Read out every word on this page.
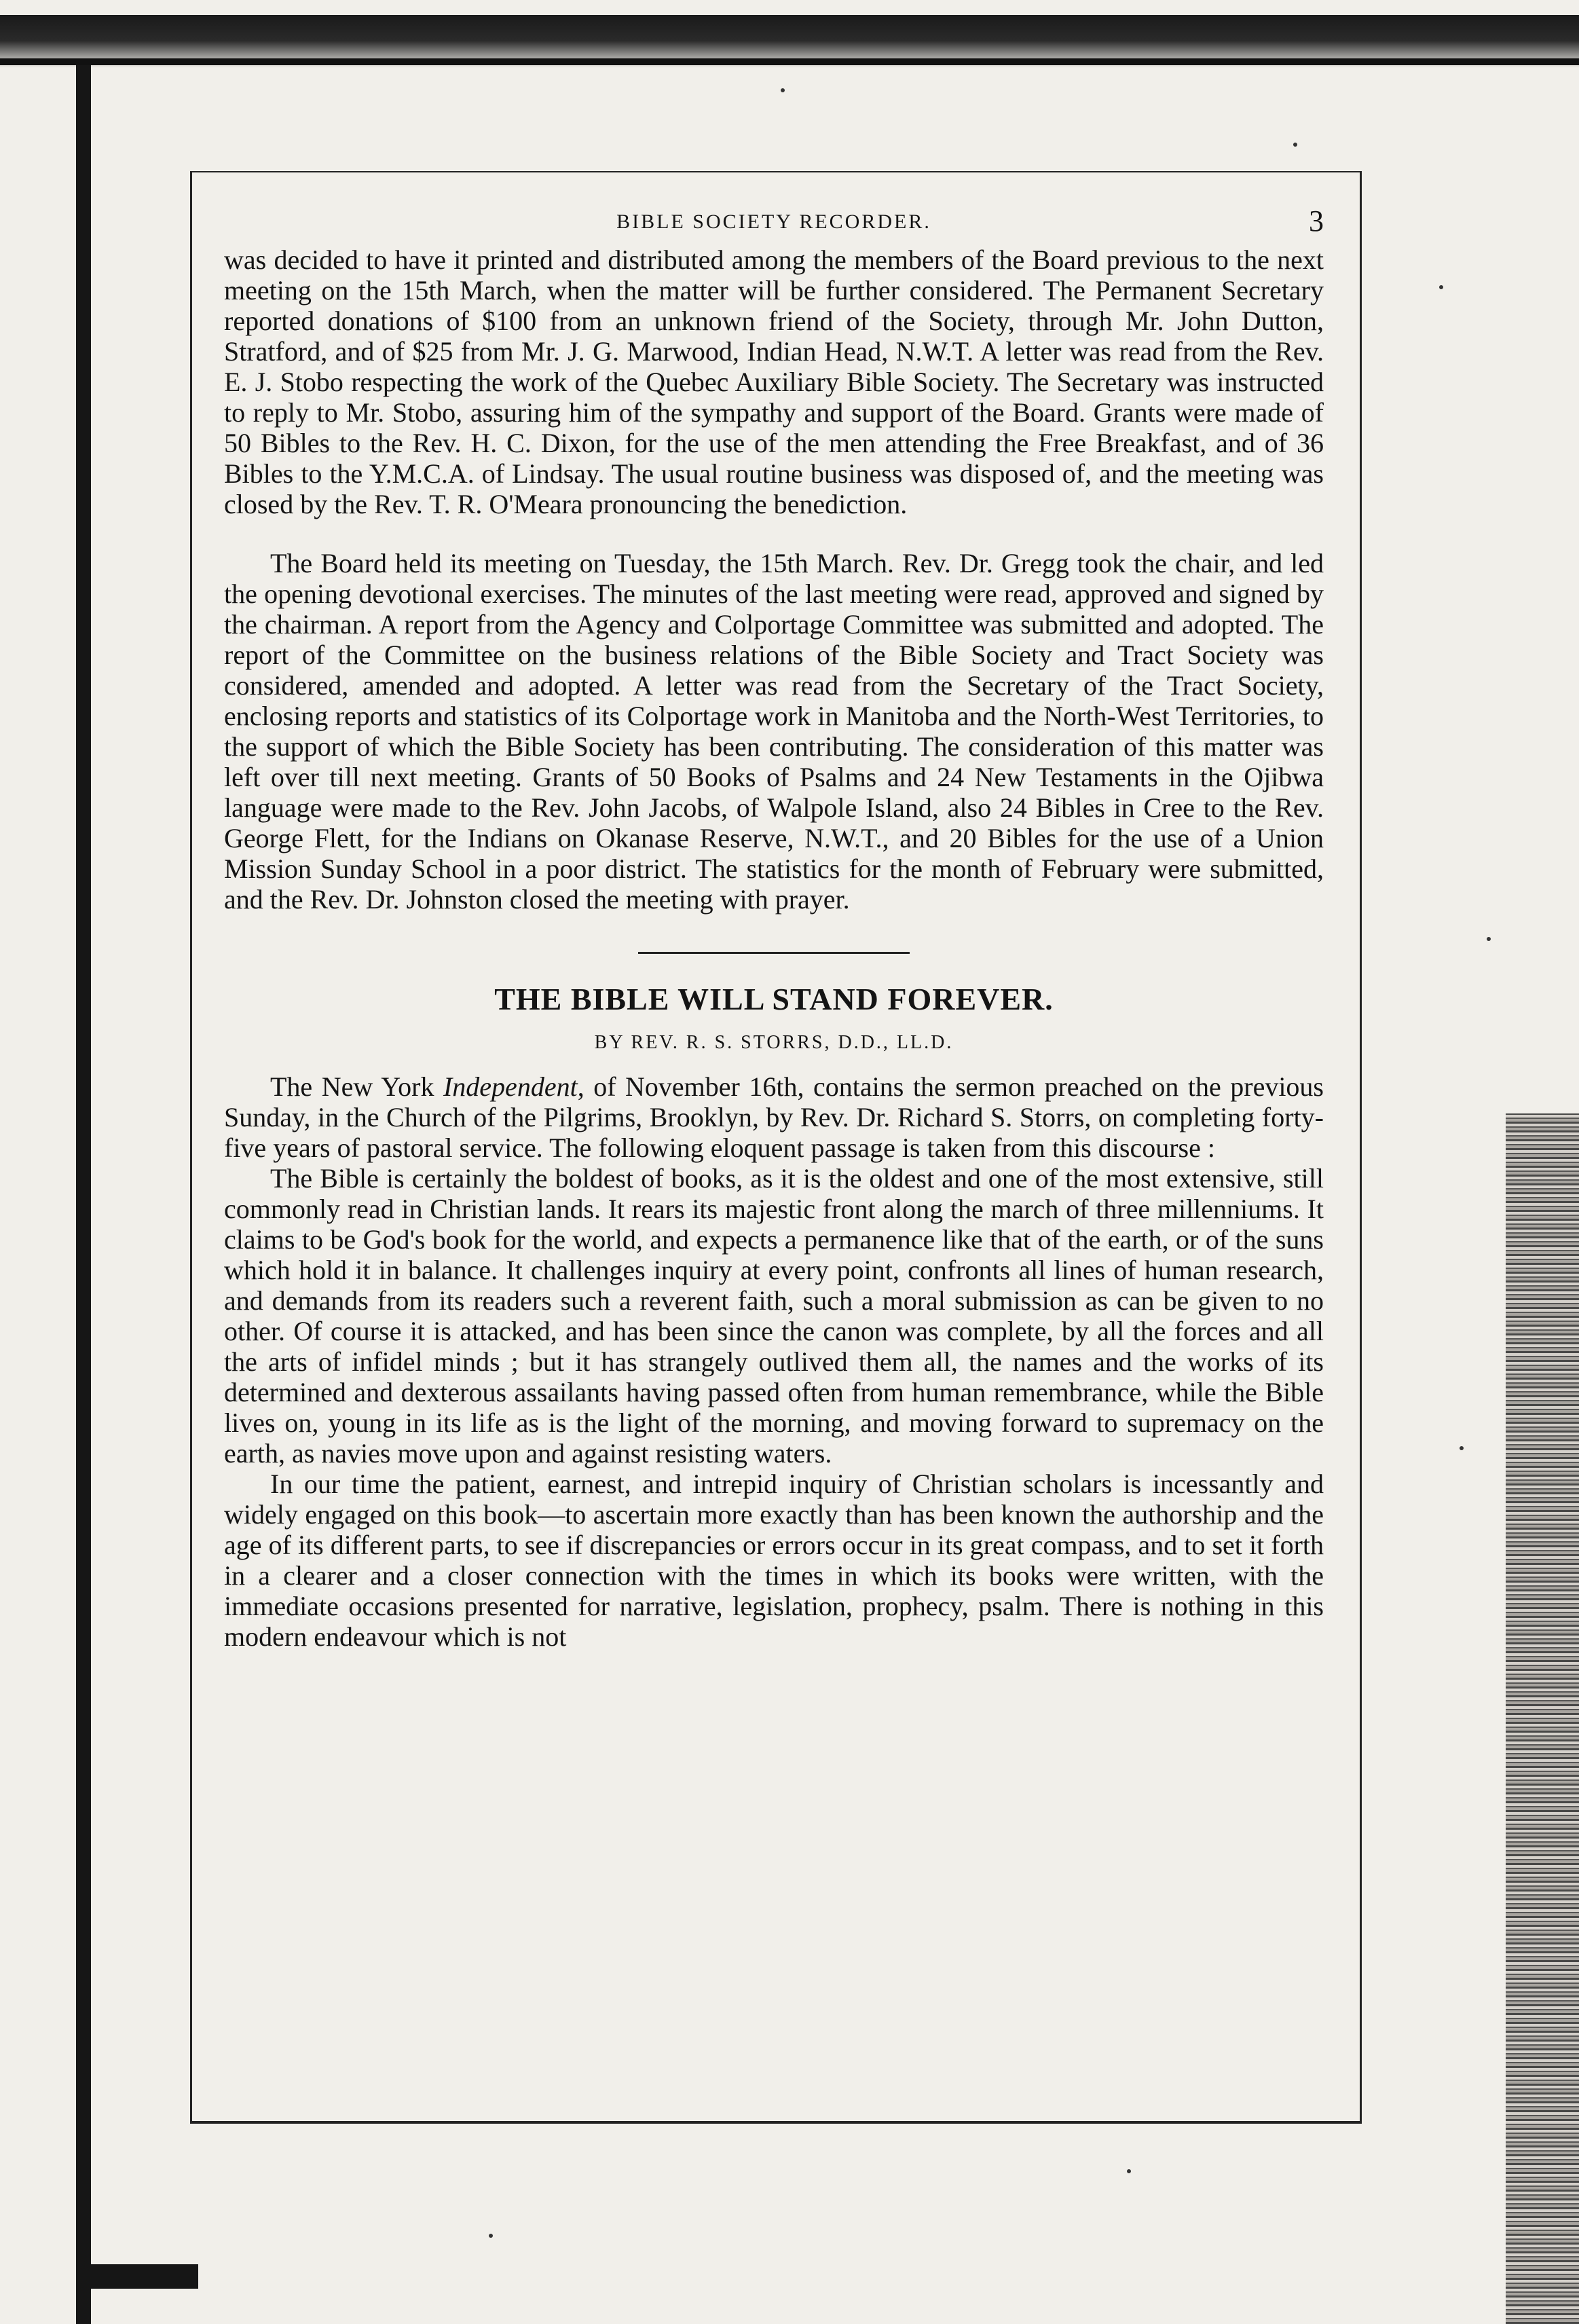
BIBLE SOCIETY RECORDER.	3

was decided to have it printed and distributed among the members of the Board previous to the next meeting on the 15th March, when the matter will be further considered. The Permanent Secretary reported donations of $100 from an unknown friend of the Society, through Mr. John Dutton, Stratford, and of $25 from Mr. J. G. Marwood, Indian Head, N.W.T. A letter was read from the Rev. E. J. Stobo respecting the work of the Quebec Auxiliary Bible Society. The Secretary was instructed to reply to Mr. Stobo, assuring him of the sympathy and support of the Board. Grants were made of 50 Bibles to the Rev. H. C. Dixon, for the use of the men attending the Free Breakfast, and of 36 Bibles to the Y.M.C.A. of Lindsay. The usual routine business was disposed of, and the meeting was closed by the Rev. T. R. O'Meara pronouncing the benediction.

The Board held its meeting on Tuesday, the 15th March. Rev. Dr. Gregg took the chair, and led the opening devotional exercises. The minutes of the last meeting were read, approved and signed by the chairman. A report from the Agency and Colportage Committee was submitted and adopted. The report of the Committee on the business relations of the Bible Society and Tract Society was considered, amended and adopted. A letter was read from the Secretary of the Tract Society, enclosing reports and statistics of its Colportage work in Manitoba and the North-West Territories, to the support of which the Bible Society has been contributing. The consideration of this matter was left over till next meeting. Grants of 50 Books of Psalms and 24 New Testaments in the Ojibwa language were made to the Rev. John Jacobs, of Walpole Island, also 24 Bibles in Cree to the Rev. George Flett, for the Indians on Okanase Reserve, N.W.T., and 20 Bibles for the use of a Union Mission Sunday School in a poor district. The statistics for the month of February were submitted, and the Rev. Dr. Johnston closed the meeting with prayer.

THE BIBLE WILL STAND FOREVER.
BY REV. R. S. STORRS, D.D., LL.D.

The New York Independent, of November 16th, contains the sermon preached on the previous Sunday, in the Church of the Pilgrims, Brooklyn, by Rev. Dr. Richard S. Storrs, on completing forty-five years of pastoral service. The following eloquent passage is taken from this discourse :

The Bible is certainly the boldest of books, as it is the oldest and one of the most extensive, still commonly read in Christian lands. It rears its majestic front along the march of three millenniums. It claims to be God's book for the world, and expects a permanence like that of the earth, or of the suns which hold it in balance. It challenges inquiry at every point, confronts all lines of human research, and demands from its readers such a reverent faith, such a moral submission as can be given to no other. Of course it is attacked, and has been since the canon was complete, by all the forces and all the arts of infidel minds ; but it has strangely outlived them all, the names and the works of its determined and dexterous assailants having passed often from human remembrance, while the Bible lives on, young in its life as is the light of the morning, and moving forward to supremacy on the earth, as navies move upon and against resisting waters.

In our time the patient, earnest, and intrepid inquiry of Christian scholars is incessantly and widely engaged on this book—to ascertain more exactly than has been known the authorship and the age of its different parts, to see if discrepancies or errors occur in its great compass, and to set it forth in a clearer and a closer connection with the times in which its books were written, with the immediate occasions presented for narrative, legislation, prophecy, psalm. There is nothing in this modern endeavour which is not
